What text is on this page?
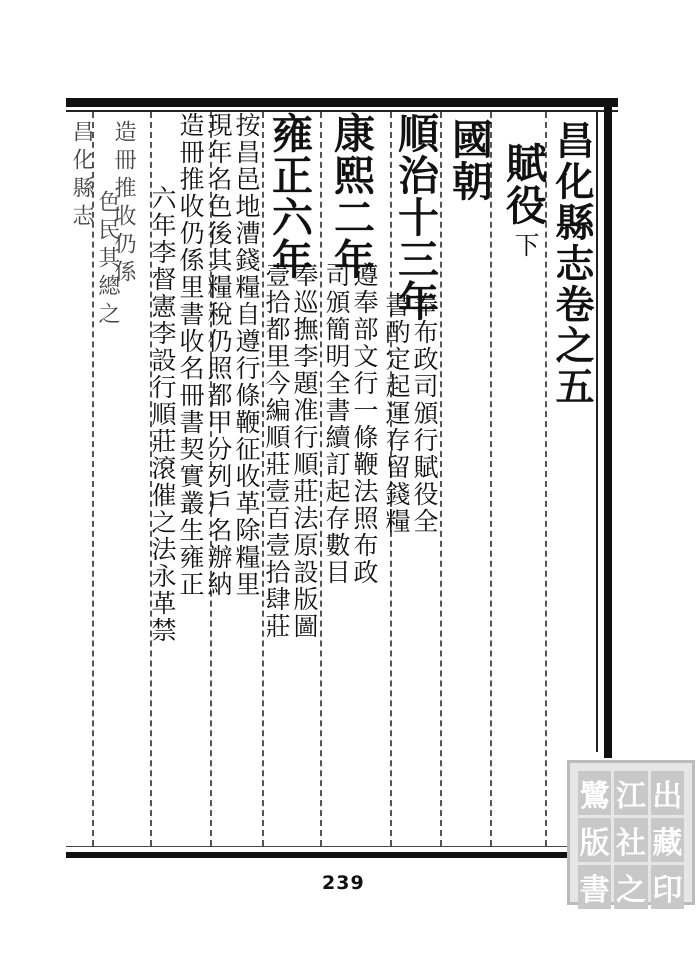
昌化縣志卷之五
賦役
下
國朝
順治十三年
奉布政司頒行賦役全
書酌定起運存留錢糧
康熙二年
遵奉部文行一條鞭法照布政
司頒簡明全書續訂起存數目
雍正六年
奉巡撫李題准行順莊法原設版圖
壹拾都里今編順莊壹百壹拾肆莊
按昌邑地漕錢糧自遵行條鞭征收革除糧里
現年名色後其糧稅仍照都甲分列戶名辦納
造冊推收仍係里書收名冊書契實叢生雍正
六年李督憲李設行順莊滾催之法永革禁
造冊推收仍係
色民其總之
昌化縣志
239
鷺 江 出
版 社 藏
書 之 印
